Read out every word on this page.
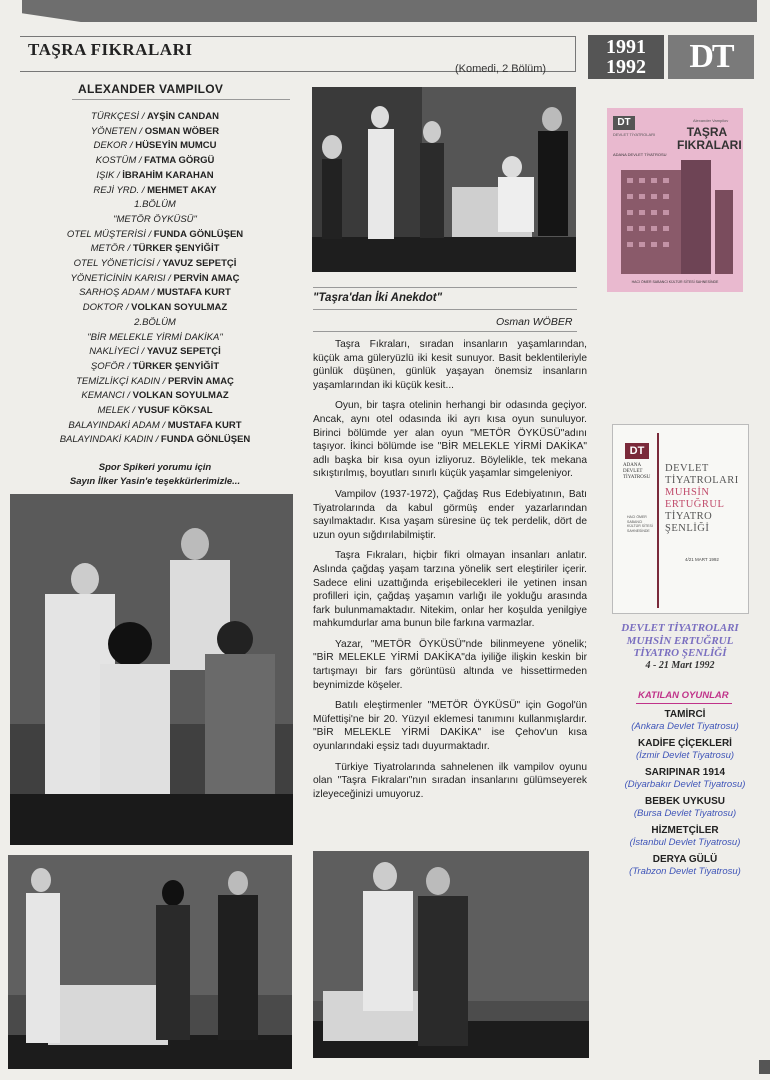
TAŞRA FIKRALARI
(Komedi, 2 Bölüm)
1991
1992	DT
ALEXANDER VAMPILOV
TÜRKÇESİ / AYŞİN CANDAN
YÖNETEN / OSMAN WÖBER
DEKOR / HÜSEYİN MUMCU
KOSTÜM / FATMA GÖRGÜ
IŞIK / İBRAHİM KARAHAN
REJİ YRD. / MEHMET AKAY
1.BÖLÜM
"METÖR ÖYKÜSÜ"
OTEL MÜŞTERİSİ / FUNDA GÖNLÜŞEN
METÖR / TÜRKER ŞENYİĞİT
OTEL YÖNETİCİSİ / YAVUZ SEPETÇİ
YÖNETİCİNİN KARISI / PERVİN AMAÇ
SARHOŞ ADAM / MUSTAFA KURT
DOKTOR / VOLKAN SOYULMAZ
2.BÖLÜM
"BİR MELEKLE YİRMİ DAKİKA"
NAKLİYECİ / YAVUZ SEPETÇİ
ŞOFÖR / TÜRKER ŞENYİĞİT
TEMİZLİKÇİ KADIN / PERVİN AMAÇ
KEMANCI / VOLKAN SOYULMAZ
MELEK / YUSUF KÖKSAL
BALAYINDAKİ ADAM / MUSTAFA KURT
BALAYINDAKİ KADIN / FUNDA GÖNLÜŞEN
Spor Spikeri yorumu için
Sayın İlker Yasin'e teşekkürlerimizle...
"Taşra'dan İki Anekdot"
Osman WÖBER

Taşra Fıkraları, sıradan insanların yaşamlarından, küçük ama güleryüzlü iki kesit sunuyor. Basit beklentileriyle günlük düşünen, günlük yaşayan önemsiz insanların yaşamlarından iki küçük kesit...

Oyun, bir taşra otelinin herhangi bir odasında geçiyor. Ancak, aynı otel odasında iki ayrı kısa oyun sunuluyor. Birinci bölümde yer alan oyun "METÖR ÖYKÜSÜ"adını taşıyor. İkinci bölümde ise "BİR MELEKLE YİRMİ DAKİKA" adlı başka bir kısa oyun izliyoruz. Böylelikle, tek mekana sıkıştırılmış, boyutları sınırlı küçük yaşamlar simgeleniyor.

Vampilov (1937-1972), Çağdaş Rus Edebiyatının, Batı Tiyatrolarında da kabul görmüş ender yazarlarından sayılmaktadır. Kısa yaşam süresine üç tek perdelik, dört de uzun oyun sığdırılabilmiştir.

Taşra Fıkraları, hiçbir fikri olmayan insanları anlatır. Aslında çağdaş yaşam tarzına yönelik sert eleştiriler içerir. Sadece elini uzattığında erişebilecekleri ile yetinen insan profilleri için, çağdaş yaşamın varlığı ile yokluğu arasında fark bulunmamaktadır. Nitekim, onlar her koşulda yenilgiye mahkumdurlar ama bunun bile farkına varmazlar.

Yazar, "METÖR ÖYKÜSÜ"nde bilinmeyene yönelik; "BİR MELEKLE YİRMİ DAKİKA"da iyiliğe ilişkin keskin bir tartışmayı bir fars görüntüsü altında ve hissettirmeden beynimizde köşeler.

Batılı eleştirmenler "METÖR ÖYKÜSÜ" için Gogol'ün Müfettişi'ne bir 20. Yüzyıl eklemesi tanımını kullanmışlardır. "BİR MELEKLE YİRMİ DAKİKA" ise Çehov'un kısa oyunlarındaki eşsiz tadı duyurmaktadır.

Türkiye Tiyatrolarında sahnelenen ilk vampilov oyunu olan "Taşra Fıkraları"nın sıradan insanlarını gülümseyerek izleyeceğinizi umuyoruz.

DT
DEVLET TİYATROLARI
Alexander Vampilov
TAŞRA
FIKRALARI
ADANA DEVLET TİYATROSU
HACI ÖMER SABANCI KÜLTÜR SİTESİ SAHNESİNDE
DT
ADANA DEVLET TİYATROSU
HACI ÖMER SABANCI KÜLTÜR SİTESİ SAHNESİNDE
DEVLET
TİYATROLARI
MUHSİN
ERTUĞRUL
TİYATRO
ŞENLİĞİ
4/21 MART 1992
DEVLET TİYATROLARI
MUHSİN ERTUĞRUL
TİYATRO ŞENLİĞİ
4 - 21 Mart 1992
KATILAN OYUNLAR
TAMİRCİ
(Ankara Devlet Tiyatrosu)
KADİFE ÇİÇEKLERİ
(İzmir Devlet Tiyatrosu)
SARIPINAR 1914
(Diyarbakır Devlet Tiyatrosu)
BEBEK UYKUSU
(Bursa Devlet Tiyatrosu)
HİZMETÇİLER
(İstanbul Devlet Tiyatrosu)
DERYA GÜLÜ
(Trabzon Devlet Tiyatrosu)
